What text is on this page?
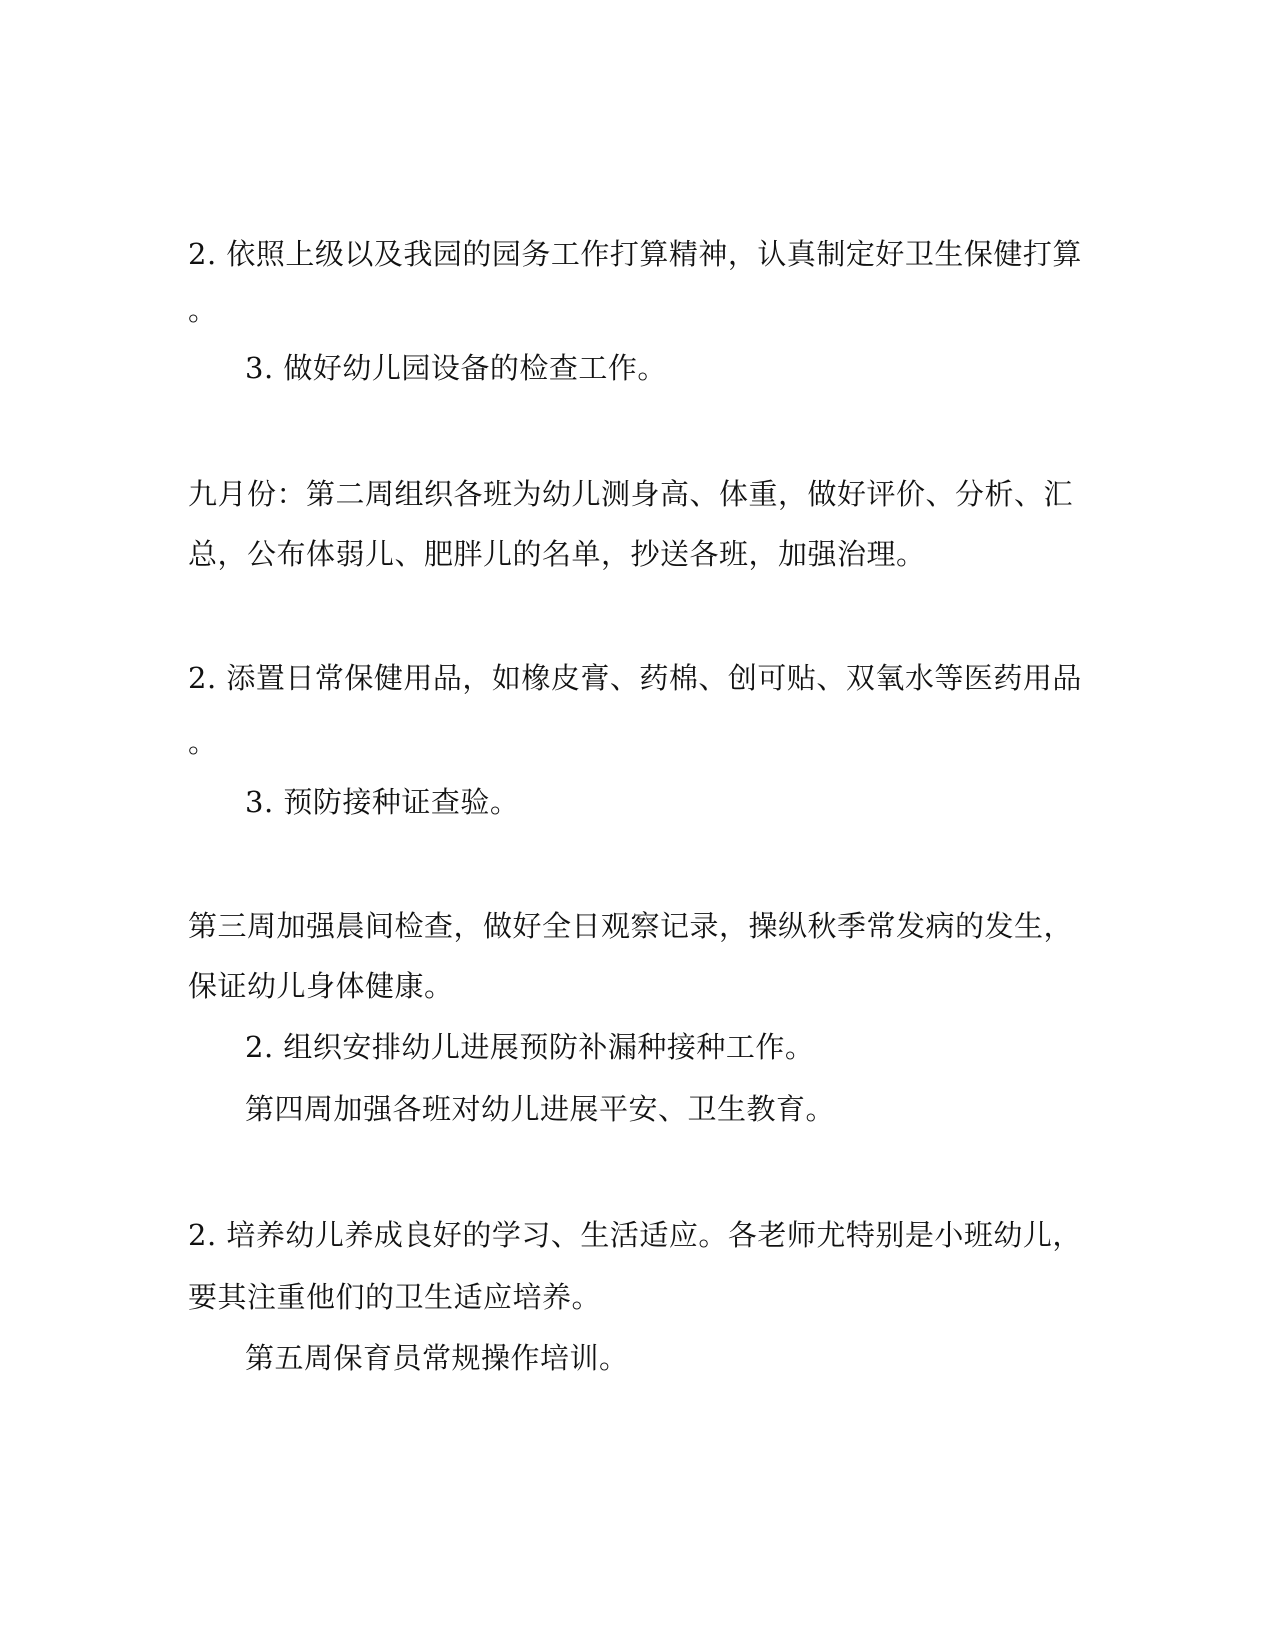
2. 依照上级以及我园的园务工作打算精神，认真制定好卫生保健打算
。
3. 做好幼儿园设备的检查工作。
九月份：第二周组织各班为幼儿测身高、体重，做好评价、分析、汇
总，公布体弱儿、肥胖儿的名单，抄送各班，加强治理。
2. 添置日常保健用品，如橡皮膏、药棉、创可贴、双氧水等医药用品
。
3. 预防接种证查验。
第三周加强晨间检查，做好全日观察记录，操纵秋季常发病的发生，
保证幼儿身体健康。
2. 组织安排幼儿进展预防补漏种接种工作。
第四周加强各班对幼儿进展平安、卫生教育。
2. 培养幼儿养成良好的学习、生活适应。各老师尤特别是小班幼儿，
要其注重他们的卫生适应培养。
第五周保育员常规操作培训。
